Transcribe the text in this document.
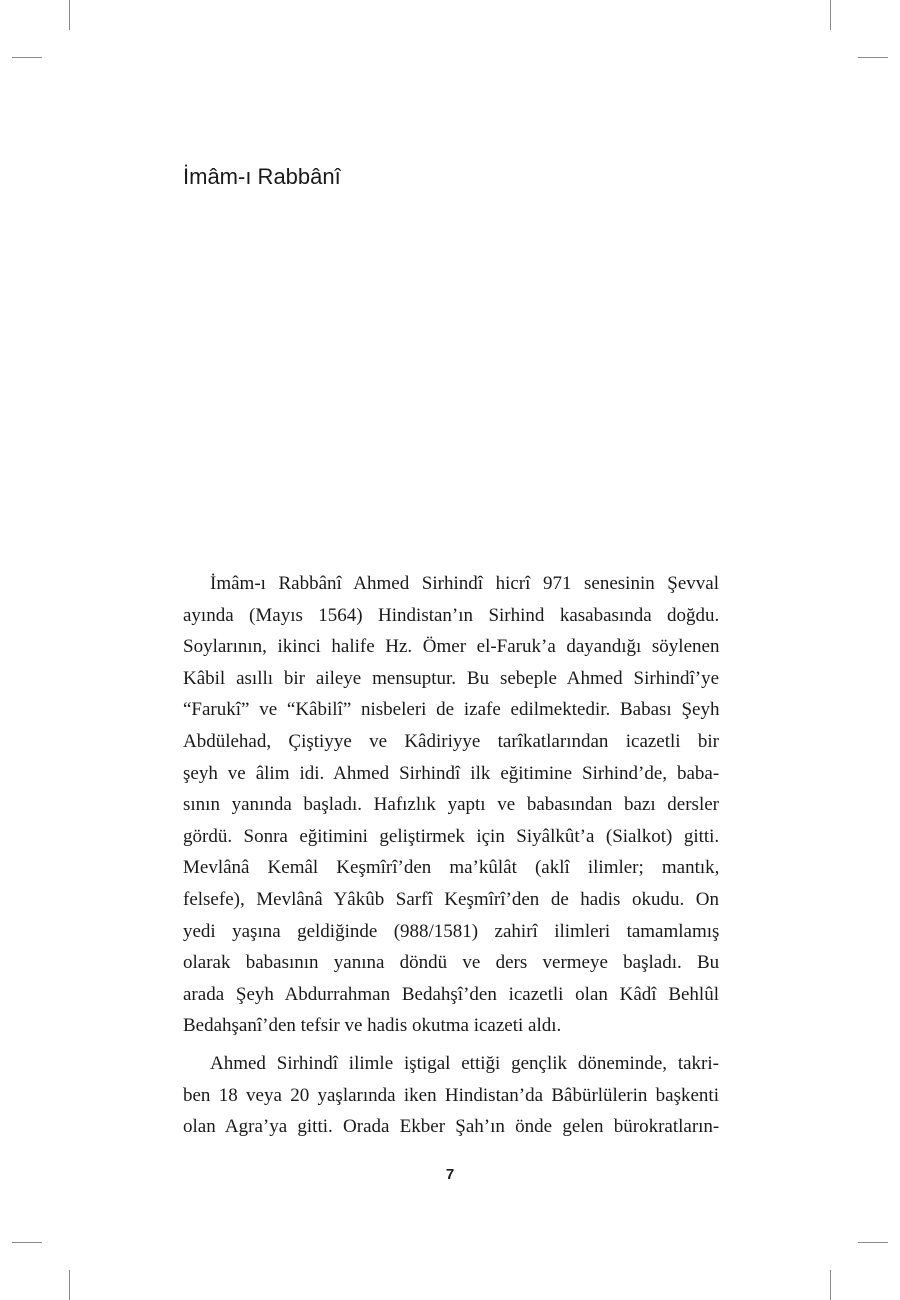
İmâm-ı Rabbânî

İmâm-ı Rabbânî Ahmed Sirhindî hicrî 971 senesinin Şevval
ayında (Mayıs 1564) Hindistan’ın Sirhind kasabasında doğdu.
Soylarının, ikinci halife Hz. Ömer el-Faruk’a dayandığı söylenen
Kâbil asıllı bir aileye mensuptur. Bu sebeple Ahmed Sirhindî’ye
“Farukî” ve “Kâbilî” nisbeleri de izafe edilmektedir. Babası Şeyh
Abdülehad, Çiştiyye ve Kâdiriyye tarîkatlarından icazetli bir
şeyh ve âlim idi. Ahmed Sirhindî ilk eğitimine Sirhind’de, baba-
sının yanında başladı. Hafızlık yaptı ve babasından bazı dersler
gördü. Sonra eğitimini geliştirmek için Siyâlkût’a (Sialkot) gitti.
Mevlânâ Kemâl Keşmîrî’den ma’kûlât (aklî ilimler; mantık,
felsefe), Mevlânâ Yâkûb Sarfî Keşmîrî’den de hadis okudu. On
yedi yaşına geldiğinde (988/1581) zahirî ilimleri tamamlamış
olarak babasının yanına döndü ve ders vermeye başladı. Bu
arada Şeyh Abdurrahman Bedahşî’den icazetli olan Kâdî Behlûl
Bedahşanî’den tefsir ve hadis okutma icazeti aldı.

Ahmed Sirhindî ilimle iştigal ettiği gençlik döneminde, takri-
ben 18 veya 20 yaşlarında iken Hindistan’da Bâbürlülerin başkenti
olan Agra’ya gitti. Orada Ekber Şah’ın önde gelen bürokratların-

7
